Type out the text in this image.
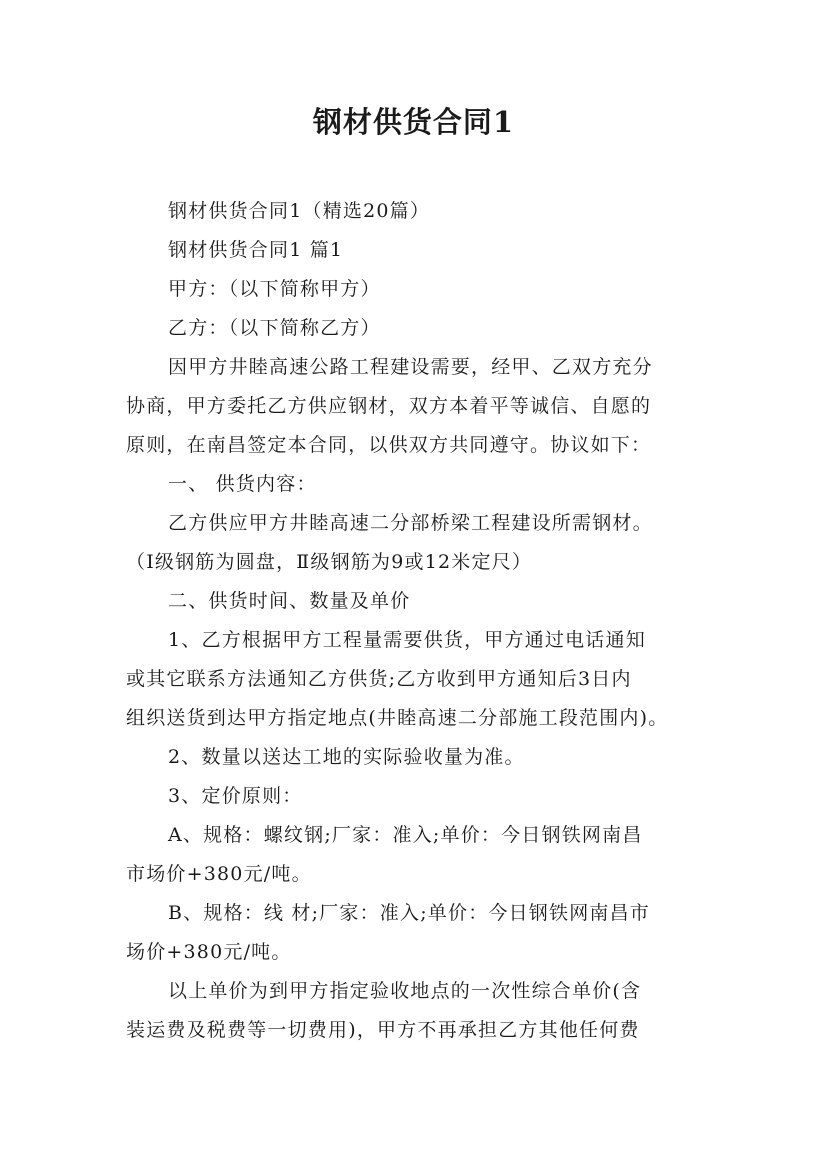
钢材供货合同1
钢材供货合同1（精选20篇）
钢材供货合同1 篇1
甲方：（以下简称甲方）
乙方：（以下简称乙方）
因甲方井睦高速公路工程建设需要，经甲、乙双方充分
协商，甲方委托乙方供应钢材，双方本着平等诚信、自愿的
原则，在南昌签定本合同，以供双方共同遵守。协议如下：
一、 供货内容：
乙方供应甲方井睦高速二分部桥梁工程建设所需钢材。
（Ⅰ级钢筋为圆盘，Ⅱ级钢筋为9或12米定尺）
二、供货时间、数量及单价
1、乙方根据甲方工程量需要供货，甲方通过电话通知
或其它联系方法通知乙方供货;乙方收到甲方通知后3日内
组织送货到达甲方指定地点(井睦高速二分部施工段范围内)。
2、数量以送达工地的实际验收量为准。
3、定价原则：
A、规格：螺纹钢;厂家：准入;单价：今日钢铁网南昌
市场价+380元/吨。
B、规格：线 材;厂家：准入;单价：今日钢铁网南昌市
场价+380元/吨。
以上单价为到甲方指定验收地点的一次性综合单价(含
装运费及税费等一切费用)，甲方不再承担乙方其他任何费
